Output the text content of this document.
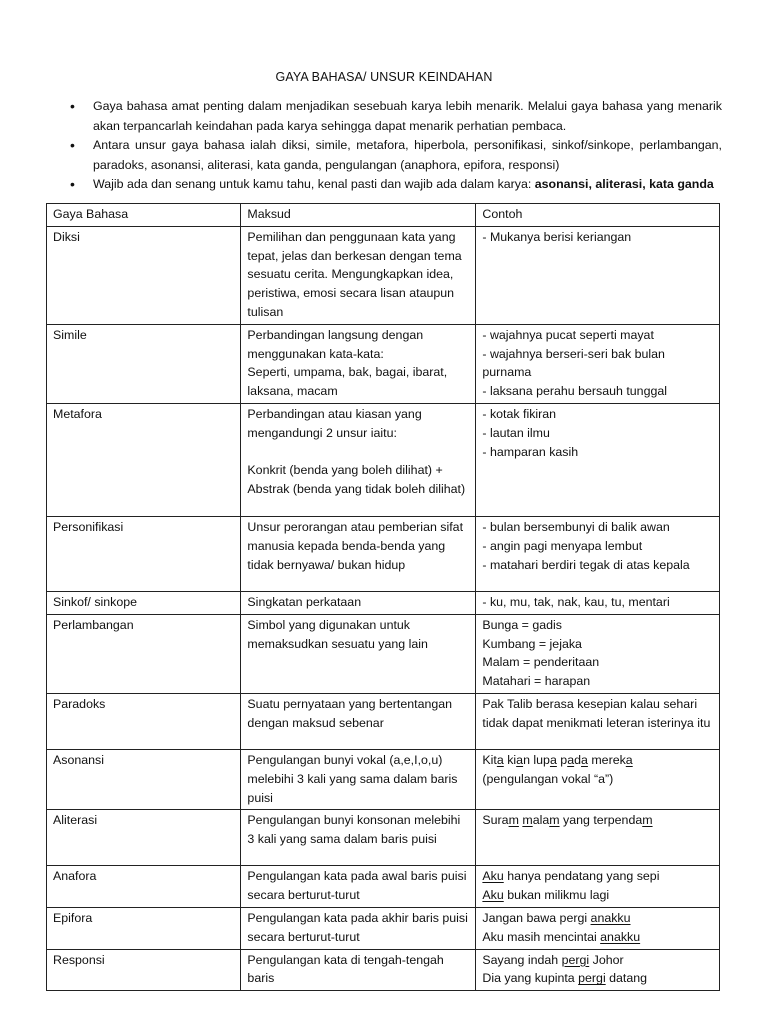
GAYA BAHASA/ UNSUR KEINDAHAN
• Gaya bahasa amat penting dalam menjadikan sesebuah karya lebih menarik. Melalui gaya bahasa yang menarik akan terpancarlah keindahan pada karya sehingga dapat menarik perhatian pembaca.
• Antara unsur gaya bahasa ialah diksi, simile, metafora, hiperbola, personifikasi, sinkof/sinkope, perlambangan, paradoks, asonansi, aliterasi, kata ganda, pengulangan (anaphora, epifora, responsi)
• Wajib ada dan senang untuk kamu tahu, kenal pasti dan wajib ada dalam karya: asonansi, aliterasi, kata ganda
Gaya Bahasa	Maksud	Contoh
Diksi	Pemilihan dan penggunaan kata yang tepat, jelas dan berkesan dengan tema sesuatu cerita. Mengungkapkan idea, peristiwa, emosi secara lisan ataupun tulisan	- Mukanya berisi keriangan

Simile	Perbandingan langsung dengan menggunakan kata-kata:
Seperti, umpama, bak, bagai, ibarat, laksana, macam	- wajahnya pucat seperti mayat
- wajahnya berseri-seri bak bulan purnama
- laksana perahu bersauh tunggal

Metafora	Perbandingan atau kiasan yang mengandungi 2 unsur iaitu:

Konkrit (benda yang boleh dilihat) + Abstrak (benda yang tidak boleh dilihat)	- kotak fikiran
- lautan ilmu
- hamparan kasih

Personifikasi	Unsur perorangan atau pemberian sifat manusia kepada benda-benda yang tidak bernyawa/ bukan hidup	- bulan bersembunyi di balik awan
- angin pagi menyapa lembut
- matahari berdiri tegak di atas kepala

Sinkof/ sinkope	Singkatan perkataan	- ku, mu, tak, nak, kau, tu, mentari

Perlambangan	Simbol yang digunakan untuk memaksudkan sesuatu yang lain	Bunga = gadis
Kumbang = jejaka
Malam = penderitaan
Matahari = harapan

Paradoks	Suatu pernyataan yang bertentangan dengan maksud sebenar	Pak Talib berasa kesepian kalau sehari tidak dapat menikmati leteran isterinya itu

Asonansi	Pengulangan bunyi vokal (a,e,I,o,u) melebihi 3 kali yang sama dalam baris puisi	Kita kian lupa pada mereka
(pengulangan vokal “a”)

Aliterasi	Pengulangan bunyi konsonan melebihi 3 kali yang sama dalam baris puisi	Suram malam yang terpendam

Anafora	Pengulangan kata pada awal baris puisi secara berturut-turut	Aku hanya pendatang yang sepi
Aku bukan milikmu lagi

Epifora	Pengulangan kata pada akhir baris puisi secara berturut-turut	Jangan bawa pergi anakku
Aku masih mencintai anakku

Responsi	Pengulangan kata di tengah-tengah baris	Sayang indah pergi Johor
Dia yang kupinta pergi datang
